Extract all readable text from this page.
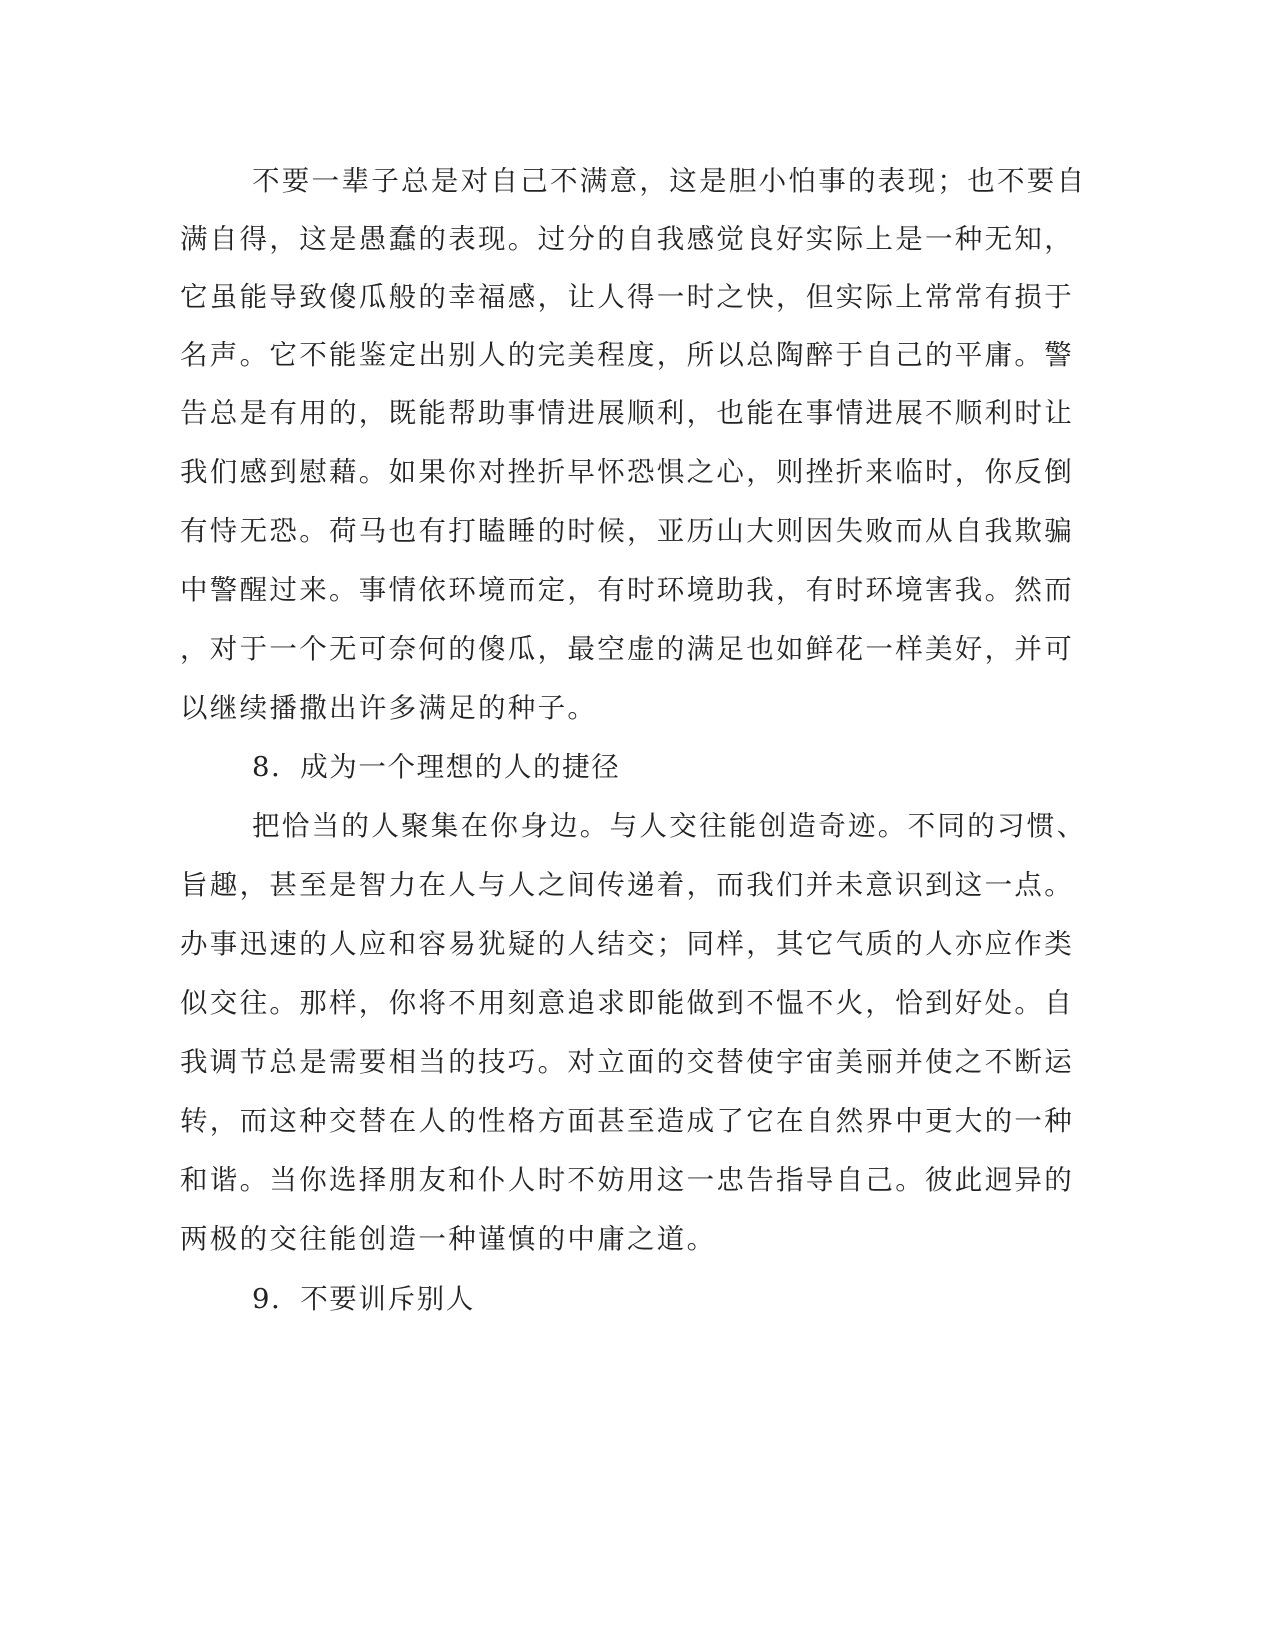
不要一辈子总是对自己不满意，这是胆小怕事的表现；也不要自
满自得，这是愚蠢的表现。过分的自我感觉良好实际上是一种无知，
它虽能导致傻瓜般的幸福感，让人得一时之快，但实际上常常有损于
名声。它不能鉴定出别人的完美程度，所以总陶醉于自己的平庸。警
告总是有用的，既能帮助事情进展顺利，也能在事情进展不顺利时让
我们感到慰藉。如果你对挫折早怀恐惧之心，则挫折来临时，你反倒
有恃无恐。荷马也有打瞌睡的时候，亚历山大则因失败而从自我欺骗
中警醒过来。事情依环境而定，有时环境助我，有时环境害我。然而
，对于一个无可奈何的傻瓜，最空虚的满足也如鲜花一样美好，并可
以继续播撒出许多满足的种子。
8．成为一个理想的人的捷径
把恰当的人聚集在你身边。与人交往能创造奇迹。不同的习惯、
旨趣，甚至是智力在人与人之间传递着，而我们并未意识到这一点。
办事迅速的人应和容易犹疑的人结交；同样，其它气质的人亦应作类
似交往。那样，你将不用刻意追求即能做到不愠不火，恰到好处。自
我调节总是需要相当的技巧。对立面的交替使宇宙美丽并使之不断运
转，而这种交替在人的性格方面甚至造成了它在自然界中更大的一种
和谐。当你选择朋友和仆人时不妨用这一忠告指导自己。彼此迥异的
两极的交往能创造一种谨慎的中庸之道。
9．不要训斥别人
